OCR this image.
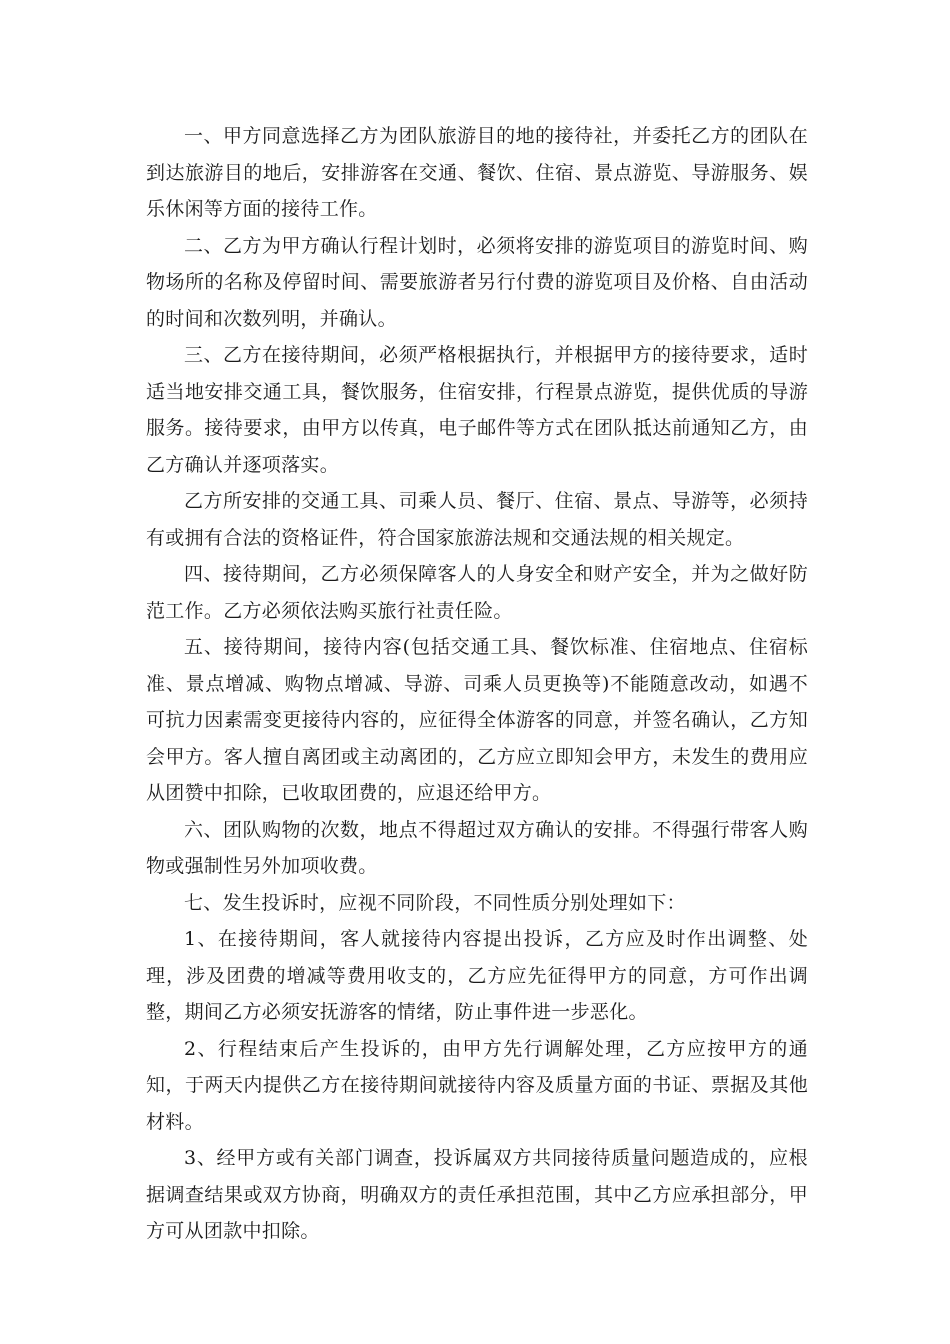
一、甲方同意选择乙方为团队旅游目的地的接待社，并委托乙方的团队在到达旅游目的地后，安排游客在交通、餐饮、住宿、景点游览、导游服务、娱乐休闲等方面的接待工作。

二、乙方为甲方确认行程计划时，必须将安排的游览项目的游览时间、购物场所的名称及停留时间、需要旅游者另行付费的游览项目及价格、自由活动的时间和次数列明，并确认。

三、乙方在接待期间，必须严格根据执行，并根据甲方的接待要求，适时适当地安排交通工具，餐饮服务，住宿安排，行程景点游览，提供优质的导游服务。接待要求，由甲方以传真，电子邮件等方式在团队抵达前通知乙方，由乙方确认并逐项落实。

乙方所安排的交通工具、司乘人员、餐厅、住宿、景点、导游等，必须持有或拥有合法的资格证件，符合国家旅游法规和交通法规的相关规定。

四、接待期间，乙方必须保障客人的人身安全和财产安全，并为之做好防范工作。乙方必须依法购买旅行社责任险。

五、接待期间，接待内容(包括交通工具、餐饮标准、住宿地点、住宿标准、景点增减、购物点增减、导游、司乘人员更换等)不能随意改动，如遇不可抗力因素需变更接待内容的，应征得全体游客的同意，并签名确认，乙方知会甲方。客人擅自离团或主动离团的，乙方应立即知会甲方，未发生的费用应从团赞中扣除，已收取团费的，应退还给甲方。

六、团队购物的次数，地点不得超过双方确认的安排。不得强行带客人购物或强制性另外加项收费。

七、发生投诉时，应视不同阶段，不同性质分别处理如下：

1、在接待期间，客人就接待内容提出投诉，乙方应及时作出调整、处理，涉及团费的增减等费用收支的，乙方应先征得甲方的同意，方可作出调整，期间乙方必须安抚游客的情绪，防止事件进一步恶化。

2、行程结束后产生投诉的，由甲方先行调解处理，乙方应按甲方的通知，于两天内提供乙方在接待期间就接待内容及质量方面的书证、票据及其他材料。

3、经甲方或有关部门调查，投诉属双方共同接待质量问题造成的，应根据调查结果或双方协商，明确双方的责任承担范围，其中乙方应承担部分，甲方可从团款中扣除。
